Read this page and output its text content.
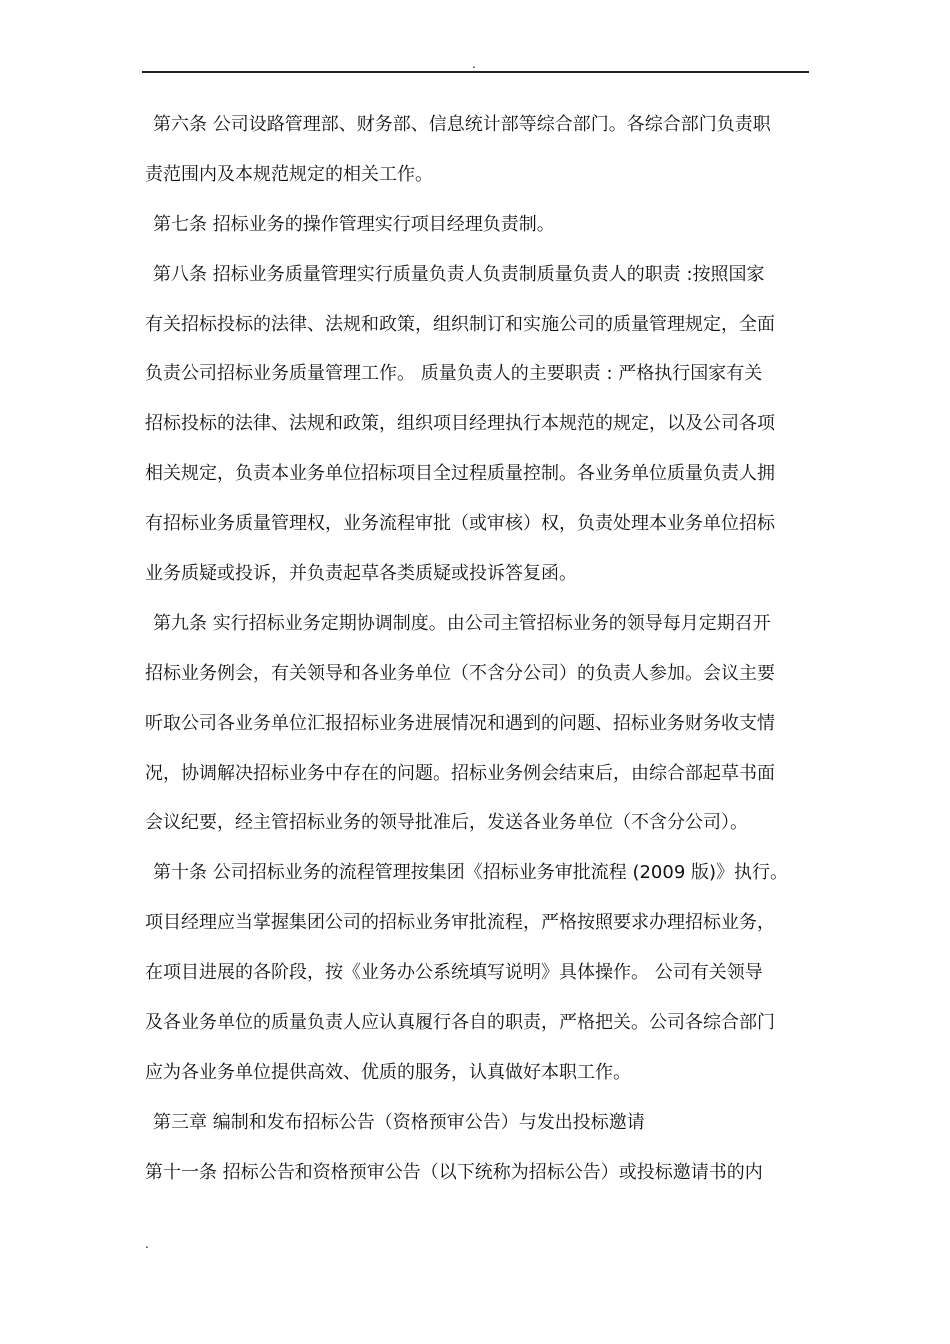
.
第六条 公司设路管理部、财务部、信息统计部等综合部门。各综合部门负责职
责范围内及本规范规定的相关工作。
第七条 招标业务的操作管理实行项目经理负责制。
第八条 招标业务质量管理实行质量负责人负责制质量负责人的职责 :按照国家
有关招标投标的法律、法规和政策，组织制订和实施公司的质量管理规定，全面
负责公司招标业务质量管理工作。 质量负责人的主要职责 : 严格执行国家有关
招标投标的法律、法规和政策，组织项目经理执行本规范的规定，以及公司各项
相关规定，负责本业务单位招标项目全过程质量控制。各业务单位质量负责人拥
有招标业务质量管理权，业务流程审批（或审核）权，负责处理本业务单位招标
业务质疑或投诉，并负责起草各类质疑或投诉答复函。
第九条 实行招标业务定期协调制度。由公司主管招标业务的领导每月定期召开
招标业务例会，有关领导和各业务单位（不含分公司）的负责人参加。会议主要
听取公司各业务单位汇报招标业务进展情况和遇到的问题、招标业务财务收支情
况，协调解决招标业务中存在的问题。招标业务例会结束后，由综合部起草书面
会议纪要，经主管招标业务的领导批准后，发送各业务单位（不含分公司）。
第十条 公司招标业务的流程管理按集团《招标业务审批流程 (2009 版)》执行。
项目经理应当掌握集团公司的招标业务审批流程，严格按照要求办理招标业务，
在项目进展的各阶段，按《业务办公系统填写说明》具体操作。 公司有关领导
及各业务单位的质量负责人应认真履行各自的职责，严格把关。公司各综合部门
应为各业务单位提供高效、优质的服务，认真做好本职工作。
第三章 编制和发布招标公告（资格预审公告）与发出投标邀请
第十一条 招标公告和资格预审公告（以下统称为招标公告）或投标邀请书的内
.
